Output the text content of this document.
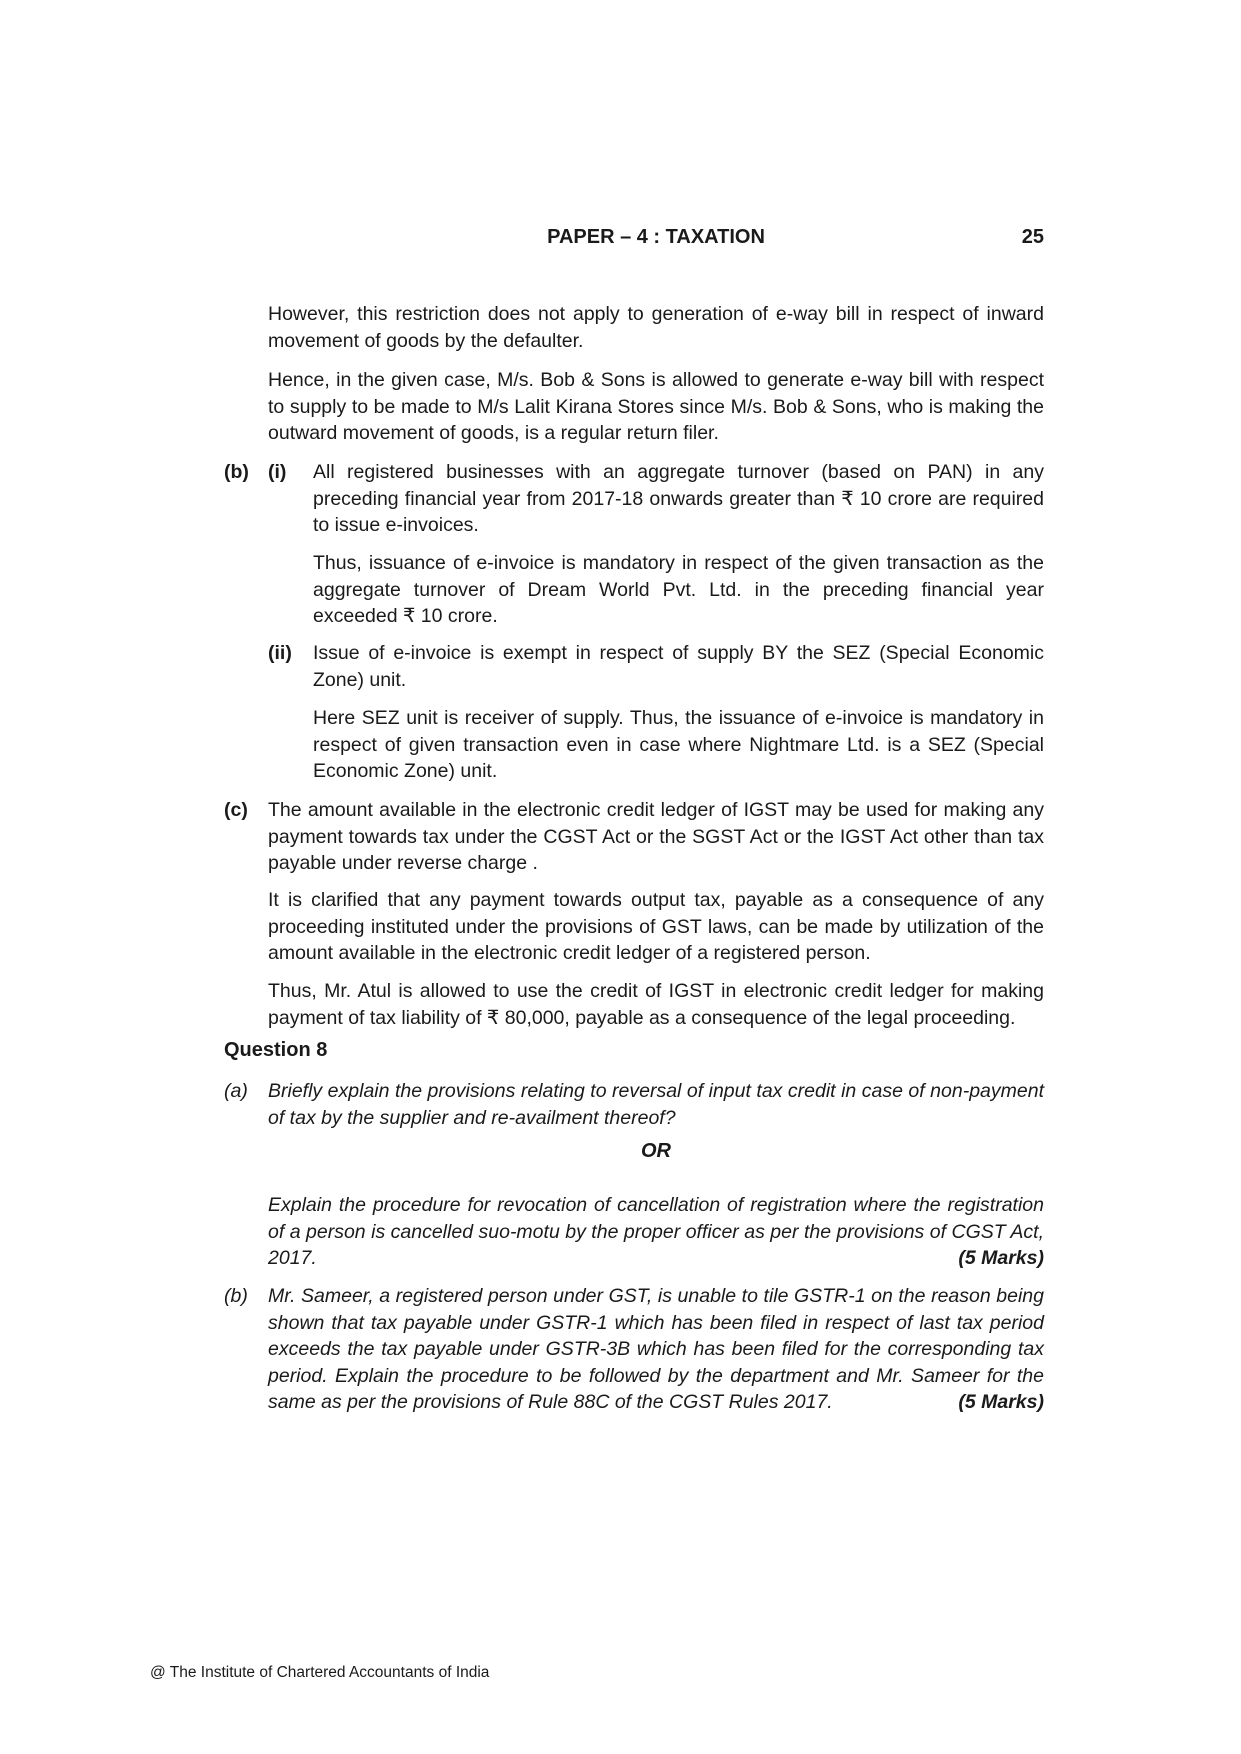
PAPER – 4 : TAXATION	25
However, this restriction does not apply to generation of e-way bill in respect of inward movement of goods by the defaulter.
Hence, in the given case, M/s. Bob & Sons is allowed to generate e-way bill with respect to supply to be made to M/s Lalit Kirana Stores since M/s. Bob & Sons, who is making the outward movement of goods, is a regular return filer.
(b) (i) All registered businesses with an aggregate turnover (based on PAN) in any preceding financial year from 2017-18 onwards greater than ₹ 10 crore are required to issue e-invoices.
Thus, issuance of e-invoice is mandatory in respect of the given transaction as the aggregate turnover of Dream World Pvt. Ltd. in the preceding financial year exceeded ₹ 10 crore.
(ii) Issue of e-invoice is exempt in respect of supply BY the SEZ (Special Economic Zone) unit.
Here SEZ unit is receiver of supply. Thus, the issuance of e-invoice is mandatory in respect of given transaction even in case where Nightmare Ltd. is a SEZ (Special Economic Zone) unit.
(c) The amount available in the electronic credit ledger of IGST may be used for making any payment towards tax under the CGST Act or the SGST Act or the IGST Act other than tax payable under reverse charge .
It is clarified that any payment towards output tax, payable as a consequence of any proceeding instituted under the provisions of GST laws, can be made by utilization of the amount available in the electronic credit ledger of a registered person.
Thus, Mr. Atul is allowed to use the credit of IGST in electronic credit ledger for making payment of tax liability of ₹ 80,000, payable as a consequence of the legal proceeding.
Question 8
(a) Briefly explain the provisions relating to reversal of input tax credit in case of non-payment of tax by the supplier and re-availment thereof?
OR
Explain the procedure for revocation of cancellation of registration where the registration of a person is cancelled suo-motu by the proper officer as per the provisions of CGST Act, 2017.	(5 Marks)
(b) Mr. Sameer, a registered person under GST, is unable to tile GSTR-1 on the reason being shown that tax payable under GSTR-1 which has been filed in respect of last tax period exceeds the tax payable under GSTR-3B which has been filed for the corresponding tax period. Explain the procedure to be followed by the department and Mr. Sameer for the same as per the provisions of Rule 88C of the CGST Rules 2017.	(5 Marks)
@ The Institute of Chartered Accountants of India
